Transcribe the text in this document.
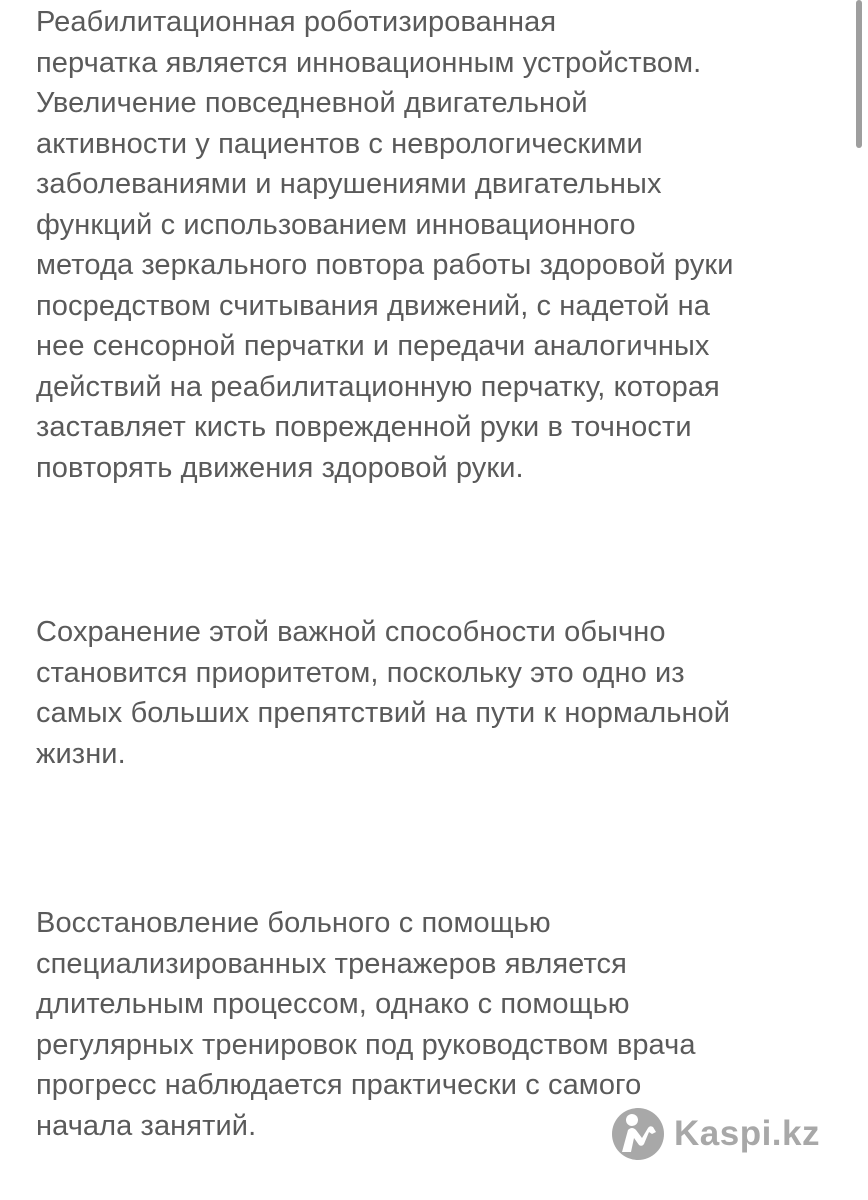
Реабилитационная роботизированная
перчатка является инновационным устройством.
Увеличение повседневной двигательной
активности у пациентов с неврологическими
заболеваниями и нарушениями двигательных
функций с использованием инновационного
метода зеркального повтора работы здоровой руки
посредством считывания движений, с надетой на
нее сенсорной перчатки и передачи аналогичных
действий на реабилитационную перчатку, которая
заставляет кисть поврежденной руки в точности
повторять движения здоровой руки.

Сохранение этой важной способности обычно
становится приоритетом, поскольку это одно из
самых больших препятствий на пути к нормальной
жизни.

Восстановление больного с помощью
специализированных тренажеров является
длительным процессом, однако с помощью
регулярных тренировок под руководством врача
прогресс наблюдается практически с самого
начала занятий.	Kaspi.kz
